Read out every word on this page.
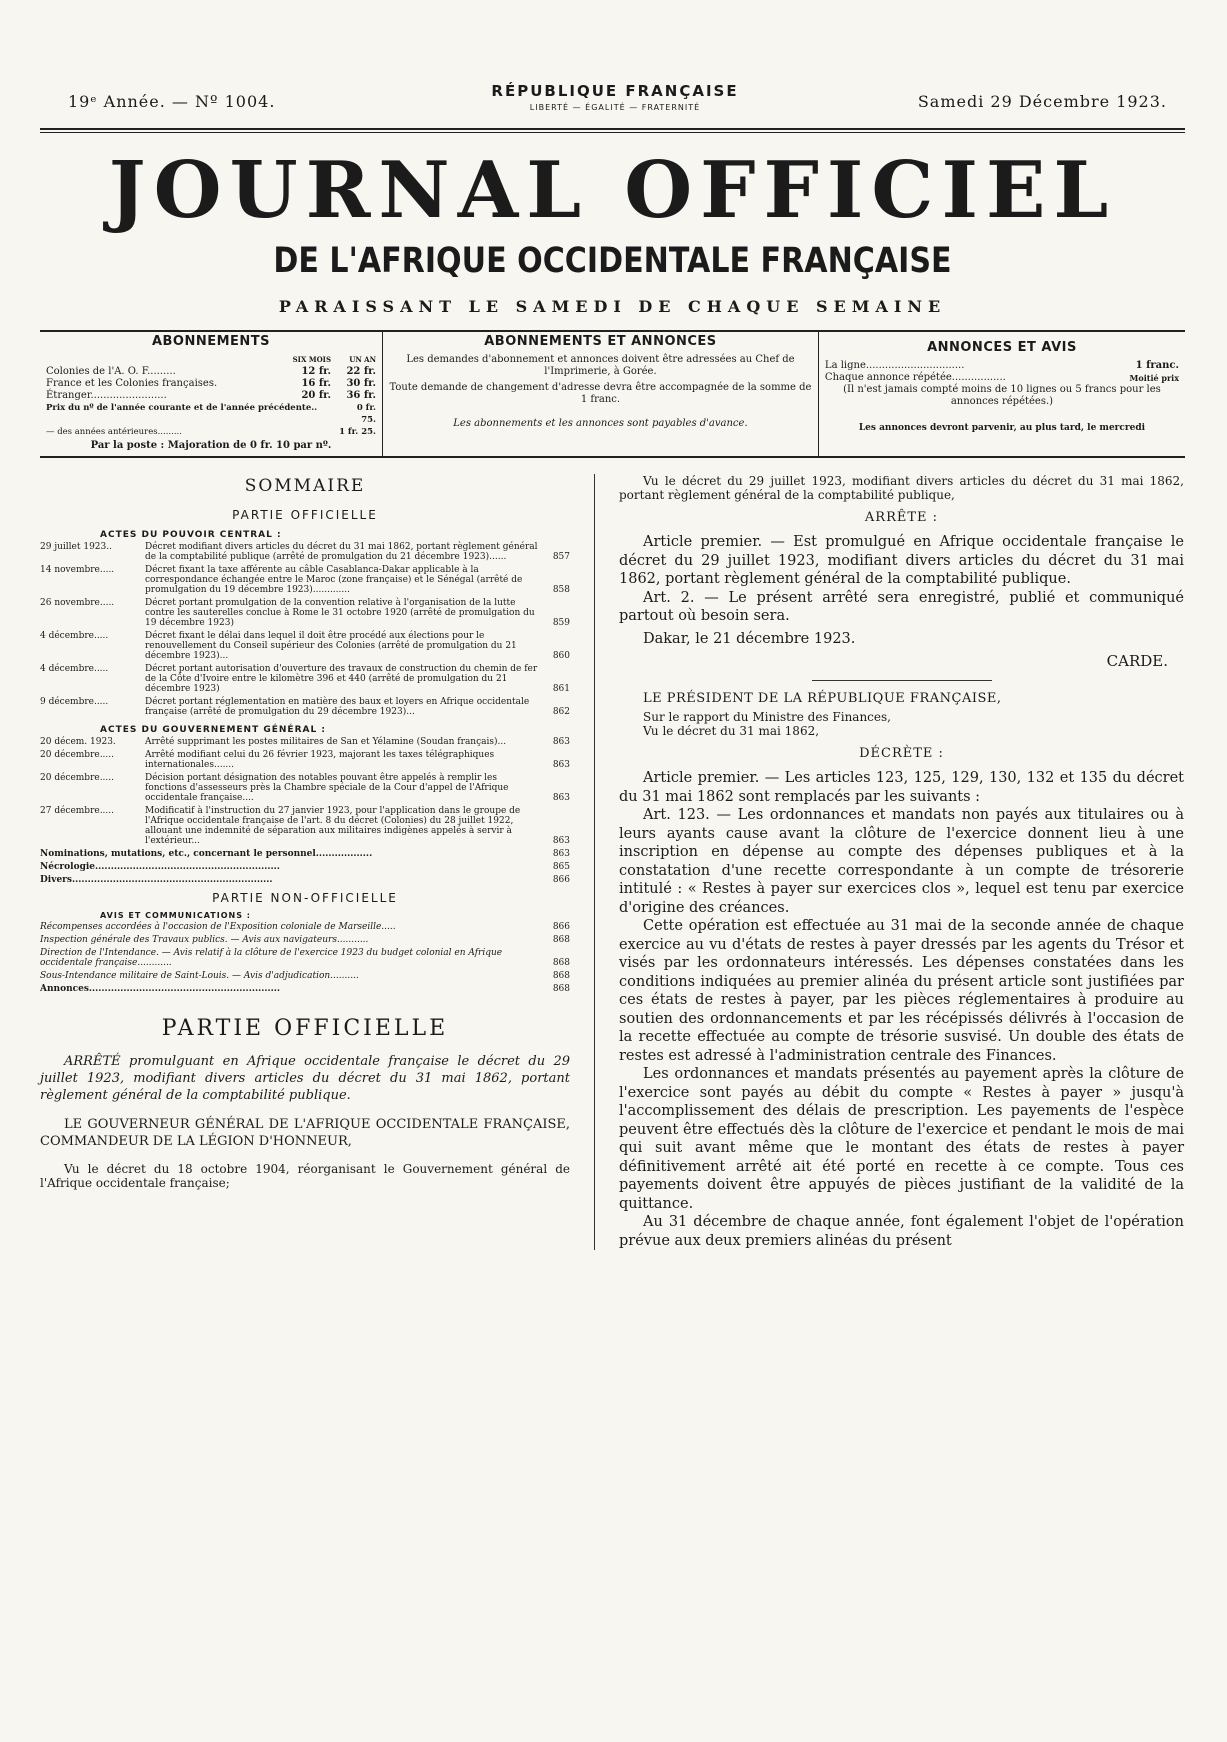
19ᵉ Année. — Nº 1004.
RÉPUBLIQUE FRANÇAISE
LIBERTÉ — ÉGALITÉ — FRATERNITÉ	Samedi 29 Décembre 1923.
JOURNAL OFFICIEL
DE L'AFRIQUE OCCIDENTALE FRANÇAISE
PARAISSANT LE SAMEDI DE CHAQUE SEMAINE
ABONNEMENTS
SIX MOIS	UN AN
Colonies de l'A. O. F.........	12 fr.	22 fr.
France et les Colonies françaises.	16 fr.	30 fr.
Étranger........................	20 fr.	36 fr.
Prix du nº de l'année courante et de l'année précédente..	0 fr. 75.
— des années antérieures.........	1 fr. 25.
Par la poste : Majoration de 0 fr. 10 par nº.
ABONNEMENTS ET ANNONCES

Les demandes d'abonnement et annonces doivent être adressées au Chef de l'Imprimerie, à Gorée.

Toute demande de changement d'adresse devra être accompagnée de la somme de 1 franc.

Les abonnements et les annonces sont payables d'avance.

ANNONCES ET AVIS
La ligne...............................	1 franc.
Chaque annonce répétée.................	Moitié prix
(Il n'est jamais compté moins de 10 lignes ou 5 francs pour les annonces répétées.)
Les annonces devront parvenir, au plus tard, le mercredi
SOMMAIRE
PARTIE OFFICIELLE
ACTES DU POUVOIR CENTRAL :
29 juillet 1923..	Décret modifiant divers articles du décret du 31 mai 1862, portant règlement général de la comptabilité publique (arrêté de promulgation du 21 décembre 1923)......	857
14 novembre.....	Décret fixant la taxe afférente au câble Casablanca-Dakar applicable à la correspondance échangée entre le Maroc (zone française) et le Sénégal (arrêté de promulgation du 19 décembre 1923).............	858
26 novembre.....	Décret portant promulgation de la convention relative à l'organisation de la lutte contre les sauterelles conclue à Rome le 31 octobre 1920 (arrêté de promulgation du 19 décembre 1923)	859
4 décembre.....	Décret fixant le délai dans lequel il doit être procédé aux élections pour le renouvellement du Conseil supérieur des Colonies (arrêté de promulgation du 21 décembre 1923)...	860
4 décembre.....	Décret portant autorisation d'ouverture des travaux de construction du chemin de fer de la Côte d'Ivoire entre le kilomètre 396 et 440 (arrêté de promulgation du 21 décembre 1923)	861
9 décembre.....	Décret portant réglementation en matière des baux et loyers en Afrique occidentale française (arrêté de promulgation du 29 décembre 1923)...	862
ACTES DU GOUVERNEMENT GÉNÉRAL :
20 décem. 1923.	Arrêté supprimant les postes militaires de San et Yélamine (Soudan français)...	863
20 décembre.....	Arrêté modifiant celui du 26 février 1923, majorant les taxes télégraphiques internationales.......	863
20 décembre.....	Décision portant désignation des notables pouvant être appelés à remplir les fonctions d'assesseurs près la Chambre spéciale de la Cour d'appel de l'Afrique occidentale française....	863
27 décembre.....	Modificatif à l'instruction du 27 janvier 1923, pour l'application dans le groupe de l'Afrique occidentale française de l'art. 8 du décret (Colonies) du 28 juillet 1922, allouant une indemnité de séparation aux militaires indigènes appelés à servir à l'extérieur...	863
Nominations, mutations, etc., concernant le personnel..................	863
Nécrologie...........................................................	865
Divers................................................................	866
PARTIE NON-OFFICIELLE
AVIS ET COMMUNICATIONS :
Récompenses accordées à l'occasion de l'Exposition coloniale de Marseille.....	866
Inspection générale des Travaux publics. — Avis aux navigateurs...........	868
Direction de l'Intendance. — Avis relatif à la clôture de l'exercice 1923 du budget colonial en Afrique occidentale française............	868
Sous-Intendance militaire de Saint-Louis. — Avis d'adjudication..........	868
Annonces.............................................................	868
PARTIE OFFICIELLE

ARRÊTÉ promulguant en Afrique occidentale française le décret du 29 juillet 1923, modifiant divers articles du décret du 31 mai 1862, portant règlement général de la comptabilité publique.

LE GOUVERNEUR GÉNÉRAL DE L'AFRIQUE OCCIDENTALE FRANÇAISE, COMMANDEUR DE LA LÉGION D'HONNEUR,

Vu le décret du 18 octobre 1904, réorganisant le Gouvernement général de l'Afrique occidentale française;

Vu le décret du 29 juillet 1923, modifiant divers articles du décret du 31 mai 1862, portant règlement général de la comptabilité publique,

ARRÊTE :

Article premier. — Est promulgué en Afrique occidentale française le décret du 29 juillet 1923, modifiant divers articles du décret du 31 mai 1862, portant règlement général de la comptabilité publique.

Art. 2. — Le présent arrêté sera enregistré, publié et communiqué partout où besoin sera.

Dakar, le 21 décembre 1923.

CARDE.
LE PRÉSIDENT DE LA RÉPUBLIQUE FRANÇAISE,

Sur le rapport du Ministre des Finances,

Vu le décret du 31 mai 1862,

DÉCRÈTE :

Article premier. — Les articles 123, 125, 129, 130, 132 et 135 du décret du 31 mai 1862 sont remplacés par les suivants :

Art. 123. — Les ordonnances et mandats non payés aux titulaires ou à leurs ayants cause avant la clôture de l'exercice donnent lieu à une inscription en dépense au compte des dépenses publiques et à la constatation d'une recette correspondante à un compte de trésorerie intitulé : « Restes à payer sur exercices clos », lequel est tenu par exercice d'origine des créances.

Cette opération est effectuée au 31 mai de la seconde année de chaque exercice au vu d'états de restes à payer dressés par les agents du Trésor et visés par les ordonnateurs intéressés. Les dépenses constatées dans les conditions indiquées au premier alinéa du présent article sont justifiées par ces états de restes à payer, par les pièces réglementaires à produire au soutien des ordonnancements et par les récépissés délivrés à l'occasion de la recette effectuée au compte de trésorie susvisé. Un double des états de restes est adressé à l'administration centrale des Finances.

Les ordonnances et mandats présentés au payement après la clôture de l'exercice sont payés au débit du compte « Restes à payer » jusqu'à l'accomplissement des délais de prescription. Les payements de l'espèce peuvent être effectués dès la clôture de l'exercice et pendant le mois de mai qui suit avant même que le montant des états de restes à payer définitivement arrêté ait été porté en recette à ce compte. Tous ces payements doivent être appuyés de pièces justifiant de la validité de la quittance.

Au 31 décembre de chaque année, font également l'objet de l'opération prévue aux deux premiers alinéas du présent
